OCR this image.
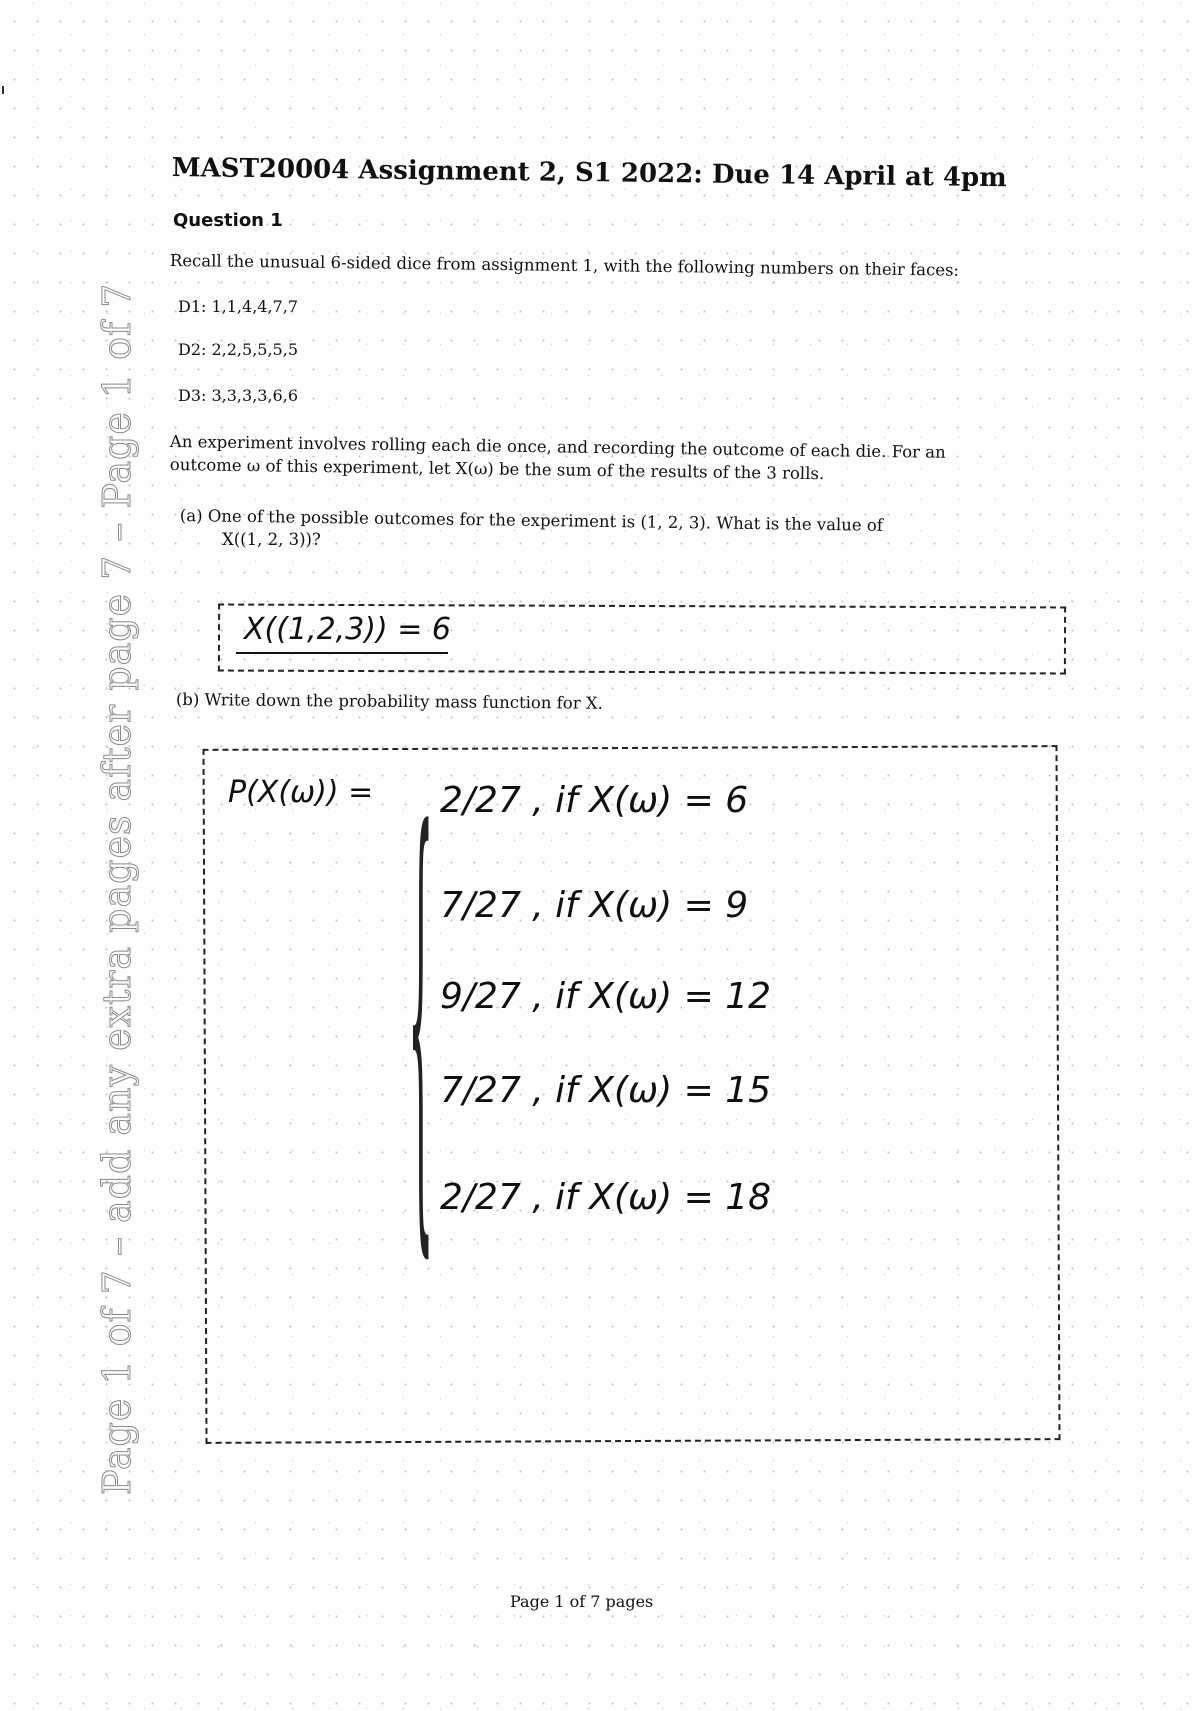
Page 1 of 7 – add any extra pages after page 7 – Page 1 of 7
MAST20004 Assignment 2, S1 2022: Due 14 April at 4pm
Question 1
Recall the unusual 6-sided dice from assignment 1, with the following numbers on their faces:
D1: 1,1,4,4,7,7
D2: 2,2,5,5,5,5
D3: 3,3,3,3,6,6
An experiment involves rolling each die once, and recording the outcome of each die. For an
outcome ω of this experiment, let X(ω) be the sum of the results of the 3 rolls.
(a) One of the possible outcomes for the experiment is (1, 2, 3). What is the value of
X((1, 2, 3))?
X((1,2,3)) = 6
(b) Write down the probability mass function for X.
P(X(ω)) = { 2/27 , if X(ω) = 6
7/27 , if X(ω) = 9
9/27 , if X(ω) = 12
7/27 , if X(ω) = 15
2/27 , if X(ω) = 18
Page 1 of 7 pages
